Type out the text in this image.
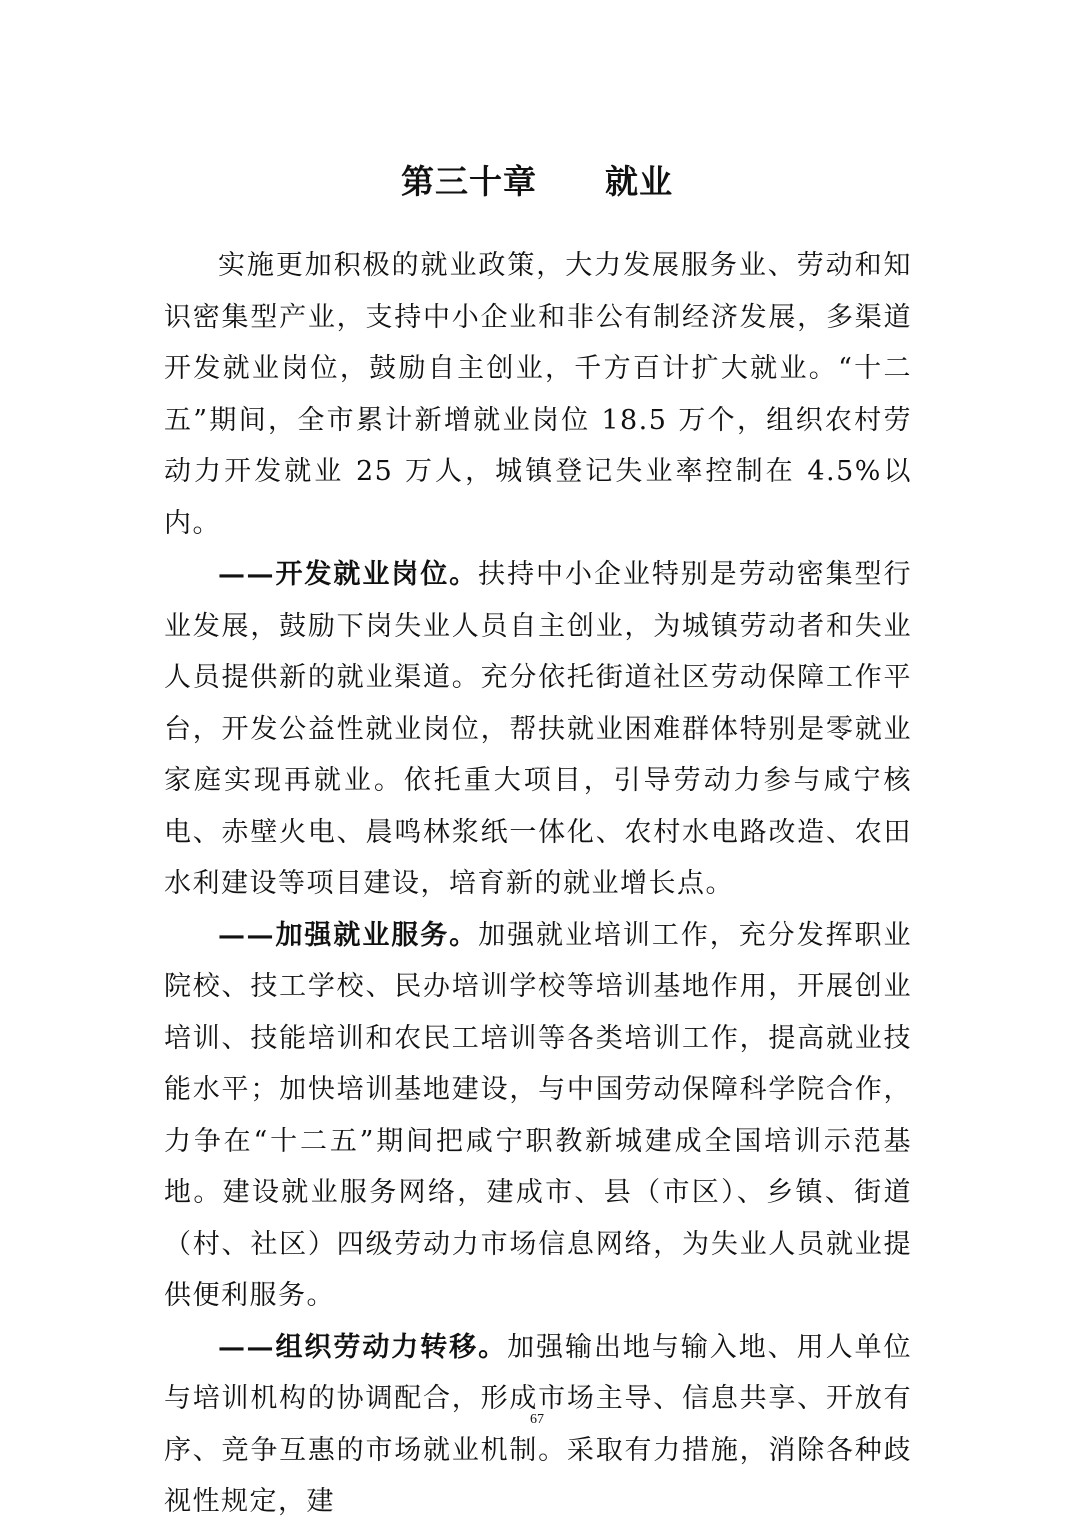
第三十章　　就业

实施更加积极的就业政策，大力发展服务业、劳动和知识密集型产业，支持中小企业和非公有制经济发展，多渠道开发就业岗位，鼓励自主创业，千方百计扩大就业。“十二五”期间，全市累计新增就业岗位 18.5 万个，组织农村劳动力开发就业 25 万人，城镇登记失业率控制在 4.5%以内。

——开发就业岗位。扶持中小企业特别是劳动密集型行业发展，鼓励下岗失业人员自主创业，为城镇劳动者和失业人员提供新的就业渠道。充分依托街道社区劳动保障工作平台，开发公益性就业岗位，帮扶就业困难群体特别是零就业家庭实现再就业。依托重大项目，引导劳动力参与咸宁核电、赤壁火电、晨鸣林浆纸一体化、农村水电路改造、农田水利建设等项目建设，培育新的就业增长点。

——加强就业服务。加强就业培训工作，充分发挥职业院校、技工学校、民办培训学校等培训基地作用，开展创业培训、技能培训和农民工培训等各类培训工作，提高就业技能水平；加快培训基地建设，与中国劳动保障科学院合作，力争在“十二五”期间把咸宁职教新城建成全国培训示范基地。建设就业服务网络，建成市、县（市区）、乡镇、街道（村、社区）四级劳动力市场信息网络，为失业人员就业提供便利服务。

——组织劳动力转移。加强输出地与输入地、用人单位与培训机构的协调配合，形成市场主导、信息共享、开放有序、竞争互惠的市场就业机制。采取有力措施，消除各种歧视性规定，建

67
